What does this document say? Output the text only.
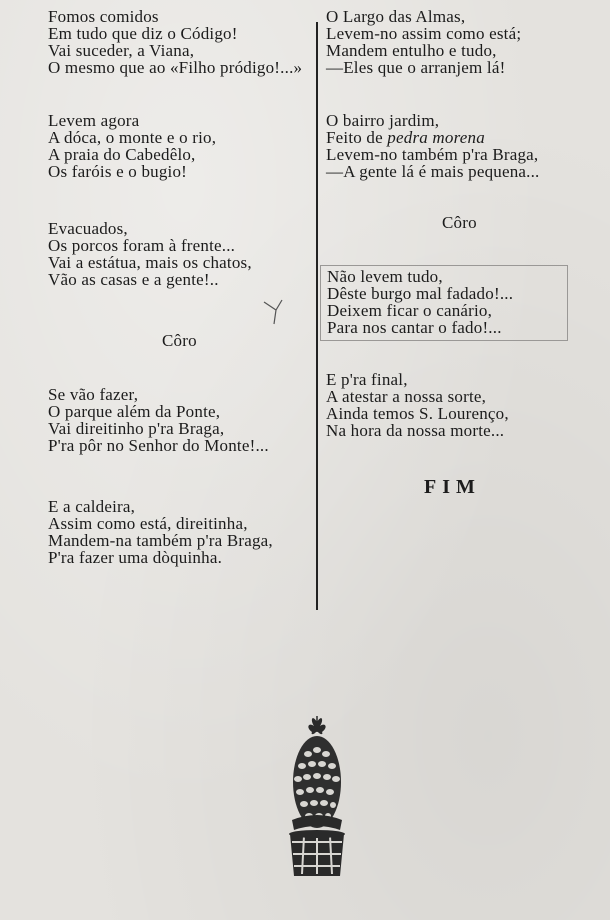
Fomos comidos
Em tudo que diz o Código!
Vai suceder, a Viana,
O mesmo que ao «Filho pródigo!...»
Levem agora
A dóca, o monte e o rio,
A praia do Cabedêlo,
Os faróis e o bugio!
Evacuados,
Os porcos foram à frente...
Vai a estátua, mais os chatos,
Vão as casas e a gente!..
Côro
Se vão fazer,
O parque além da Ponte,
Vai direitinho p'ra Braga,
P'ra pôr no Senhor do Monte!...
E a caldeira,
Assim como está, direitinha,
Mandem-na também p'ra Braga,
P'ra fazer uma dòquinha.
O Largo das Almas,
Levem-no assim como está;
Mandem entulho e tudo,
—Eles que o arranjem lá!
O bairro jardim,
Feito de pedra morena
Levem-no também p'ra Braga,
—A gente lá é mais pequena...
Côro
Não levem tudo,
Dêste burgo mal fadado!...
Deixem ficar o canário,
Para nos cantar o fado!...
E p'ra final,
A atestar a nossa sorte,
Ainda temos S. Lourenço,
Na hora da nossa morte...
FIM
